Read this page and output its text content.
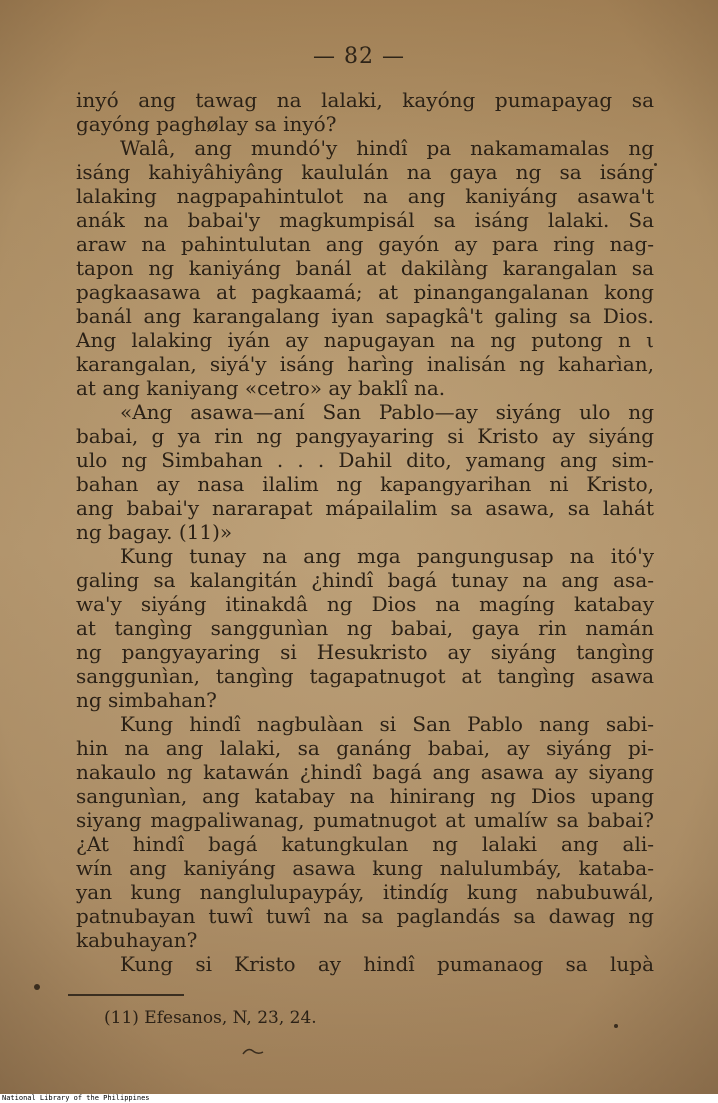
— 82 —
inyó ang tawag na lalaki, kayóng pumapayag sa
gayóng paghølay sa inyó?
Walâ, ang mundó'y hindî pa nakamamalas ng
isáng kahiyâhiyâng kaululán na gaya ng sa isáng
lalaking nagpapahintulot na ang kaniyáng asawa't
anák na babai'y magkumpisál sa isáng lalaki. Sa
araw na pahintulutan ang gayón ay para ring nag-
tapon ng kaniyáng banál at dakilàng karangalan sa
pagkaasawa at pagkaamá; at pinangangalanan kong
banál ang karangalang iyan sapagkâ't galing sa Dios.
Ang lalaking iyán ay napugayan na ng putong n ι
karangalan, siyá'y isáng harìng inalisán ng kaharìan,
at ang kaniyang «cetro» ay baklî na.
«Ang asawa—aní San Pablo—ay siyáng ulo ng
babai, g ya rin ng pangyayaring si Kristo ay siyáng
ulo ng Simbahan . . . Dahil dito, yamang ang sim-
bahan ay nasa ilalim ng kapangyarihan ni Kristo,
ang babai'y nararapat mápailalim sa asawa, sa lahát
ng bagay. (11)»
Kung tunay na ang mga pangungusap na itó'y
galing sa kalangitán ¿hindî bagá tunay na ang asa-
wa'y siyáng itinakdâ ng Dios na magíng katabay
at tangìng sanggunìan ng babai, gaya rin namán
ng pangyayaring si Hesukristo ay siyáng tangìng
sanggunìan, tangìng tagapatnugot at tangìng asawa
ng simbahan?
Kung hindî nagbulàan si San Pablo nang sabi-
hin na ang lalaki, sa ganáng babai, ay siyáng pi-
nakaulo ng katawán ¿hindî bagá ang asawa ay siyang
sangunìan, ang katabay na hinirang ng Dios upang
siyang magpaliwanag, pumatnugot at umalíw sa babai?
¿At hindî bagá katungkulan ng lalaki ang ali-
wín ang kaniyáng asawa kung nalulumbáy, kataba-
yan kung nanglulupaypáy, itindíg kung nabubuwál,
patnubayan tuwî tuwî na sa paglandás sa dawag ng
kabuhayan?
Kung si Kristo ay hindî pumanaog sa lupà
(11) Efesanos, N, 23, 24.
National Library of the Philippines
